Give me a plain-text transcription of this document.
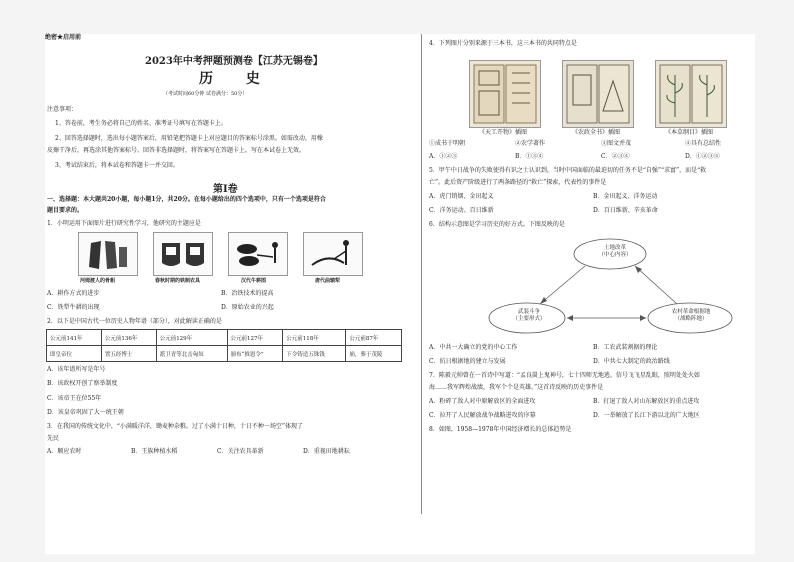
绝密★启用前
2023年中考押题预测卷【江苏无锡卷】
历 史
（考试时间60分钟 试卷满分：50分）
注意事项：
1、答卷前，考生务必将自己的姓名、准考证号填写在答题卡上。
2、回答选择题时，选出每小题答案后，用铅笔把答题卡上对应题目的答案标号涂黑。如需改动，用橡
皮擦干净后，再选涂其他答案标号。回答非选择题时，将答案写在答题卡上，写在本试卷上无效。
3、考试结束后，将本试卷和答题卡一并交回。
第Ⅰ卷
一、选择题：本大题共20小题，每小题1分，共20分。在每小题给出的四个选项中，只有一个选项是符合
题目要求的。
1．小明运用下面图片进行研究性学习，他研究的主题应是
河姆渡人的骨耜	春秋时期的铁制农具	汉代牛耕图	唐代曲辕犁
A．耕作方式的进步	B．冶铁技术的提高
C．铁犁牛耕的出现	D．原始农业的兴起
2．以下是中国古代一位历史人物年谱（部分），对此解读正确的是
公元前141年	公元前136年	公元前129年	公元前127年	公元前118年	公元前87年
即皇帝位	置五经博士	派卫青等北击匈奴	颁布“推恩令”	下令铸造五铢钱	崩，葬于茂陵
A．该年谱所写是年号
B．该政权开创了察举制度
C．该帝王在位55年
D．该皇帝巩固了大一统王朝
3．在我国的传统文化中，“小满暖洋洋，锄麦种杂粮。过了小满十日种，十日不种一场空”体现了
先民
A．顺应农时	B．王族种植水稻	C．关注农具革新	D．重视田地耕耘
4．下列图片分别来源于三本书，这三本书的共同特点是
《天工开物》插图	《农政全书》插图	《本草纲目》插图
①成书于明朝	②农学著作	③图文并茂	④具有总结性
A．①②③	B．①③④	C．②③④	D．①②③④
5．甲午中日战争的失败使得有识之士认识到，当时中国面临的最迫切的任务不是“自强”“求富”，而是“救
亡”。此后资产阶级进行了两条路径的“救亡”探索，代表性的事件是
A．虎门销烟、金田起义	B．金田起义、洋务运动
C．洋务运动、百日维新	D．百日维新、辛亥革命
6．结构示意图是学习历史的好方式。下图反映的是
土地改革
（中心内容）
武装斗争
（主要形式）
农村革命根据地
（战略阵地）
A．中共一大确立的党的中心工作	B．工农武装割据的理论
C．抗日根据地的建立与发展	D．中共七大制定的政治路线
7．陈毅元帅曾在一首诗中写道：“孟良崮上鬼神号，七十四师无地逃。信号飞飞星乱眼，照明处处火如
海……我军辉煌战绩，我军个个是英雄。”这首诗反映的历史事件是
A．粉碎了敌人对中原解放区的全面进攻	B．打退了敌人对山东解放区的重点进攻
C．拉开了人民解放战争战略进攻的序幕	D．一举解放了长江下游以北的广大地区
8．如图，1958—1978年中国经济增长的总体趋势是
